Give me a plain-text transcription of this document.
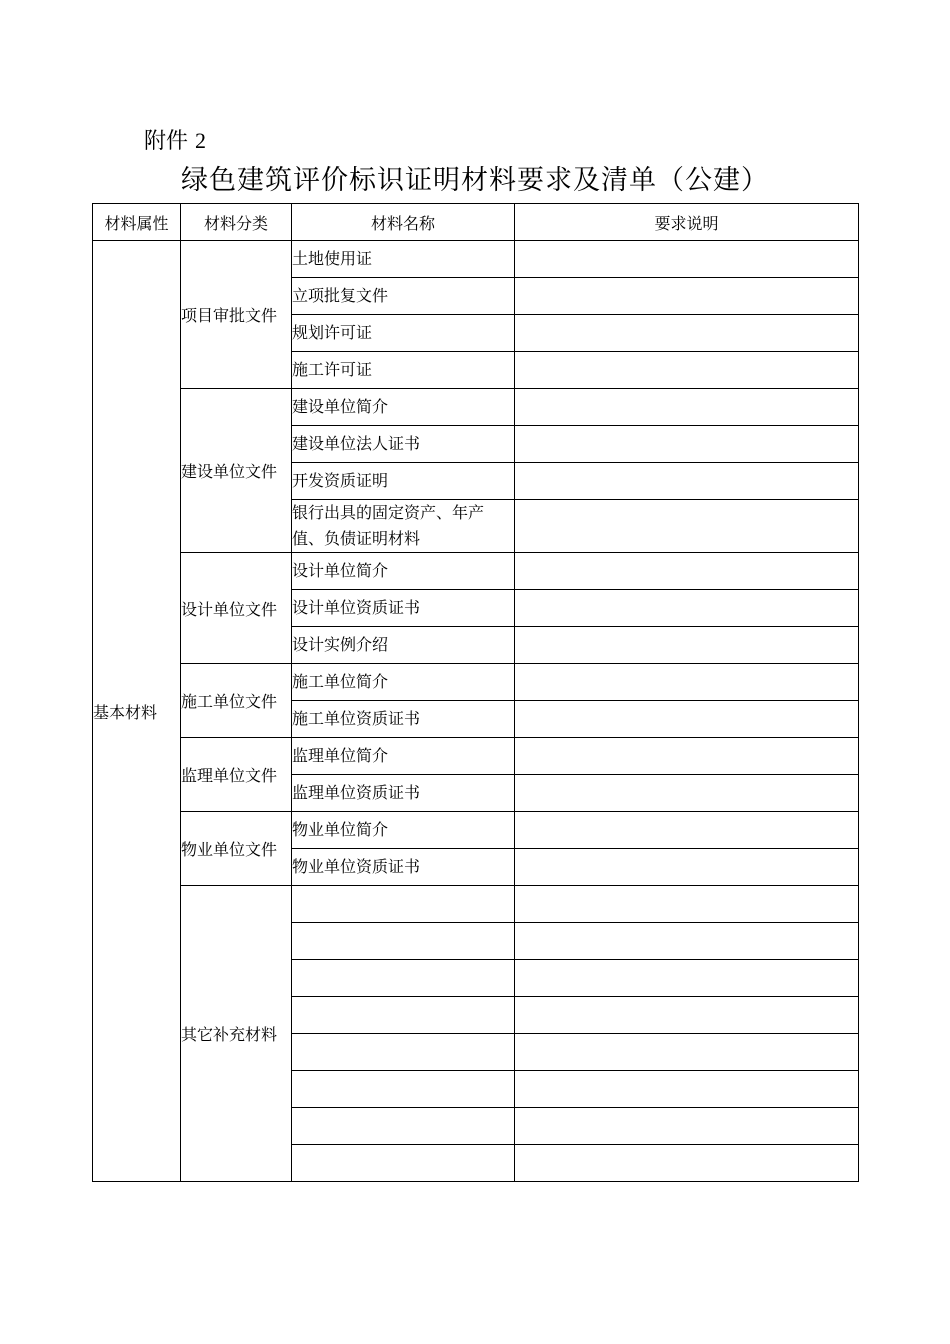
附件 2
绿色建筑评价标识证明材料要求及清单（公建）
材料属性	材料分类	材料名称	要求说明
基本材料	项目审批文件	土地使用证	
		立项批复文件	
		规划许可证	
		施工许可证	
	建设单位文件	建设单位简介	
		建设单位法人证书	
		开发资质证明	
		银行出具的固定资产、年产值、负债证明材料	
	设计单位文件	设计单位简介	
		设计单位资质证书	
		设计实例介绍	
	施工单位文件	施工单位简介	
		施工单位资质证书	
	监理单位文件	监理单位简介	
		监理单位资质证书	
	物业单位文件	物业单位简介	
		物业单位资质证书	
	其它补充材料		
